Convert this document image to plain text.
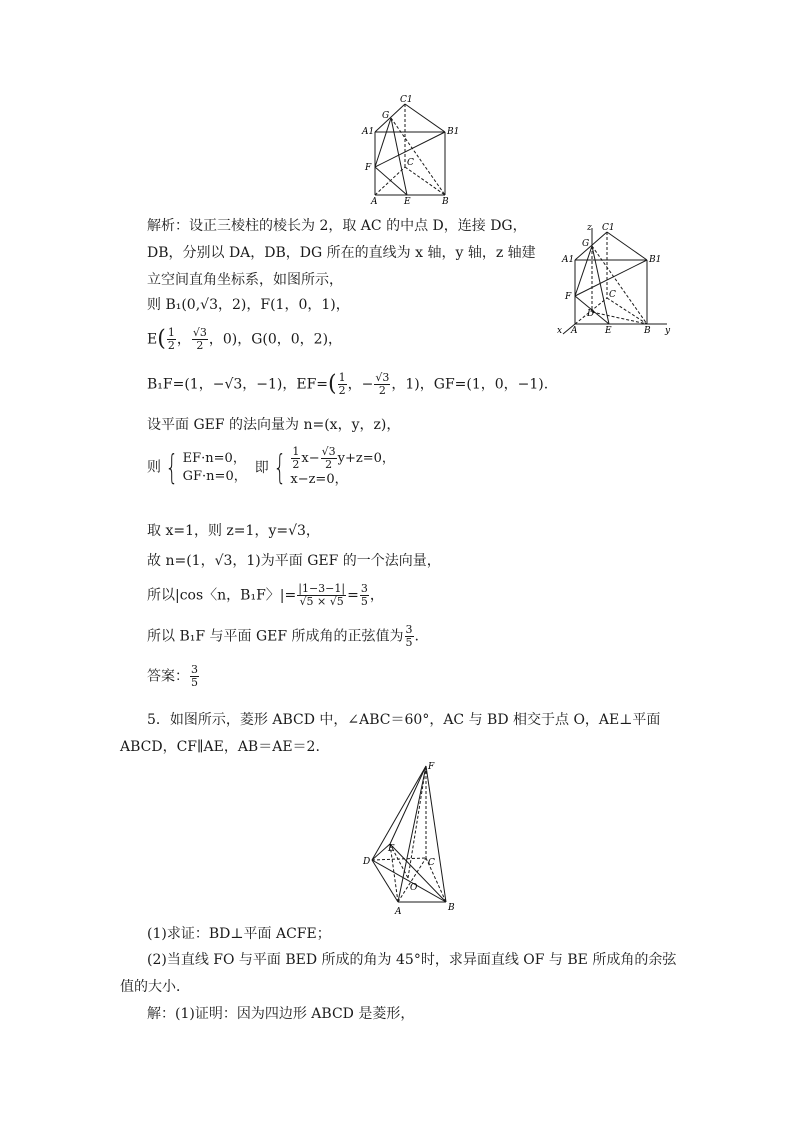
C1
G
A1	B1
F	C
A	E	B
z C1
G
A1	B1
F	C
D
A	E	B
x	y
解析：设正三棱柱的棱长为 2，取 AC 的中点 D，连接 DG，DB，分别以 DA，DB，DG 所在的直线为 x 轴，y 轴，z 轴建立空间直角坐标系，如图所示，
则 B₁(0,√3，2)，F(1，0，1)，
$E( \frac{1}{2}$ ， $\frac{√3}{2}$ ，0)，G(0，0，2)，
B₁F=(1，−√3，−1)，$EF=( \frac{1}{2}$ ，− $\frac{√3}{2}$ ，1)，GF=(1，0，−1).
设平面 GEF 的法向量为 n=(x，y，z)，
则 { EF·n=0，
GF·n=0，
即 { $\frac{1}{2} x- \frac{√3}{2} y+z=0$，
x−z=0，
取 x=1，则 z=1，y=√3，
故 n=(1，√3，1)为平面 GEF 的一个法向量，
所以|cos〈n，B₁F〉|= $\frac{|1-3-1|}{√5 \times √5} = \frac{3}{5}$ ，
所以 B₁F 与平面 GEF 所成角的正弦值为 $\frac{3}{5}$ .
答案： $\frac{3}{5}$
5．如图所示，菱形 ABCD 中，∠ABC＝60°，AC 与 BD 相交于点 O，AE⊥平面 ABCD，CF∥AE，AB＝AE＝2.
F
E
D	C
O
A	B
(1)求证：BD⊥平面 ACFE；
(2)当直线 FO 与平面 BED 所成的角为 45°时，求异面直线 OF 与 BE 所成角的余弦值的大小．
解：(1)证明：因为四边形 ABCD 是菱形，
